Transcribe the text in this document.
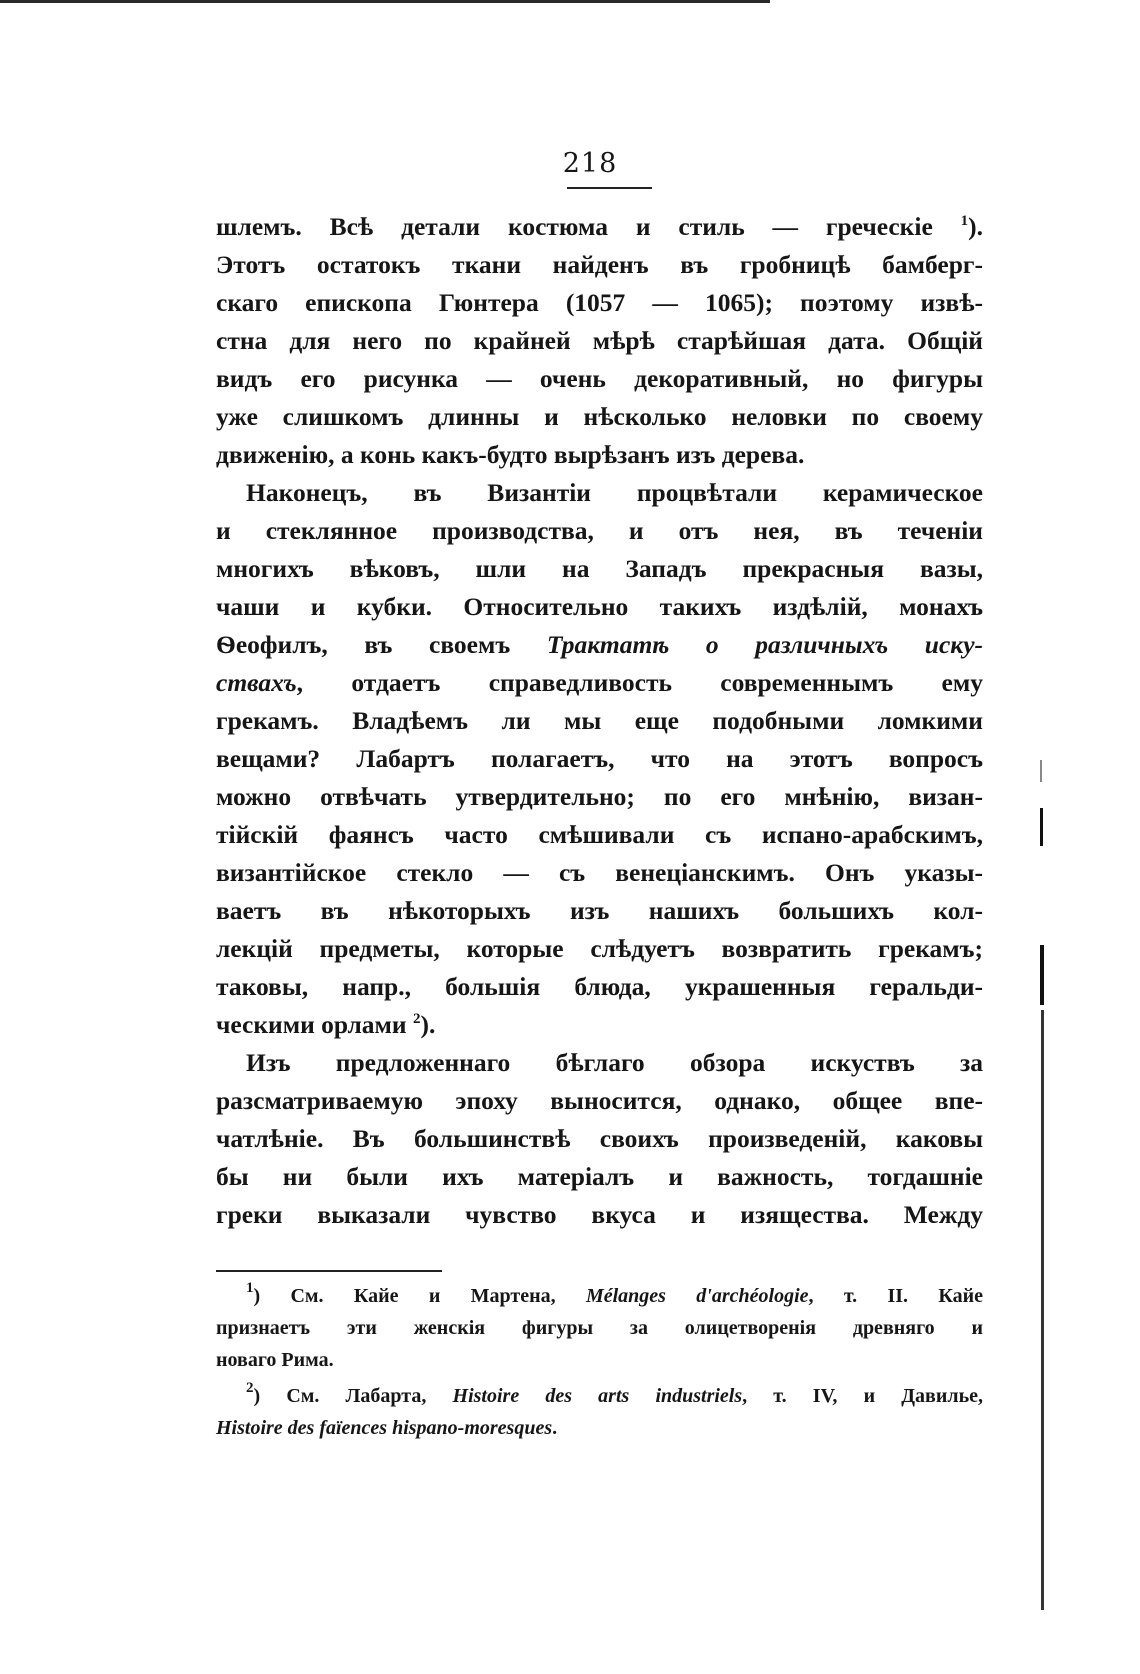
218
шлемъ. Всѣ детали костюма и стиль — греческіе $^1$).
Этотъ остатокъ ткани найденъ въ гробницѣ бамберг-
скаго епископа Гюнтера (1057 — 1065); поэтому извѣ-
стна для него по крайней мѣрѣ старѣйшая дата. Общій
видъ его рисунка — очень декоративный, но фигуры
уже слишкомъ длинны и нѣсколько неловки по своему
движенію, а конь какъ-будто вырѣзанъ изъ дерева.
Наконецъ, въ Византіи процвѣтали керамическое
и стеклянное производства, и отъ нея, въ теченіи
многихъ вѣковъ, шли на Западъ прекрасныя вазы,
чаши и кубки. Относительно такихъ издѣлій, монахъ
Ѳеофилъ, въ своемъ Трактатѣ о различныхъ иску-
ствахъ, отдаетъ справедливость современнымъ ему
грекамъ. Владѣемъ ли мы еще подобными ломкими
вещами? Лабартъ полагаетъ, что на этотъ вопросъ
можно отвѣчать утвердительно; по его мнѣнію, визан-
тійскій фаянсъ часто смѣшивали съ испано-арабскимъ,
византійское стекло — съ венеціанскимъ. Онъ указы-
ваетъ въ нѣкоторыхъ изъ нашихъ большихъ кол-
лекцій предметы, которые слѣдуетъ возвратить грекамъ;
таковы, напр., большія блюда, украшенныя геральди-
ческими орлами $^2$).
Изъ предложеннаго бѣглаго обзора искуствъ за
разсматриваемую эпоху выносится, однако, общее впе-
чатлѣніе. Въ большинствѣ своихъ произведеній, каковы
бы ни были ихъ матеріалъ и важность, тогдашніе
греки выказали чувство вкуса и изящества. Между
$^1$) См. Кайе и Мартена, Mélanges d'archéologie, т. II. Кайе
признаетъ эти женскія фигуры за олицетворенія древняго и
новаго Рима.
$^2$) См. Лабарта, Histoire des arts industriels, т. IV, и Давилье,
Histoire des faïences hispano-moresques.
